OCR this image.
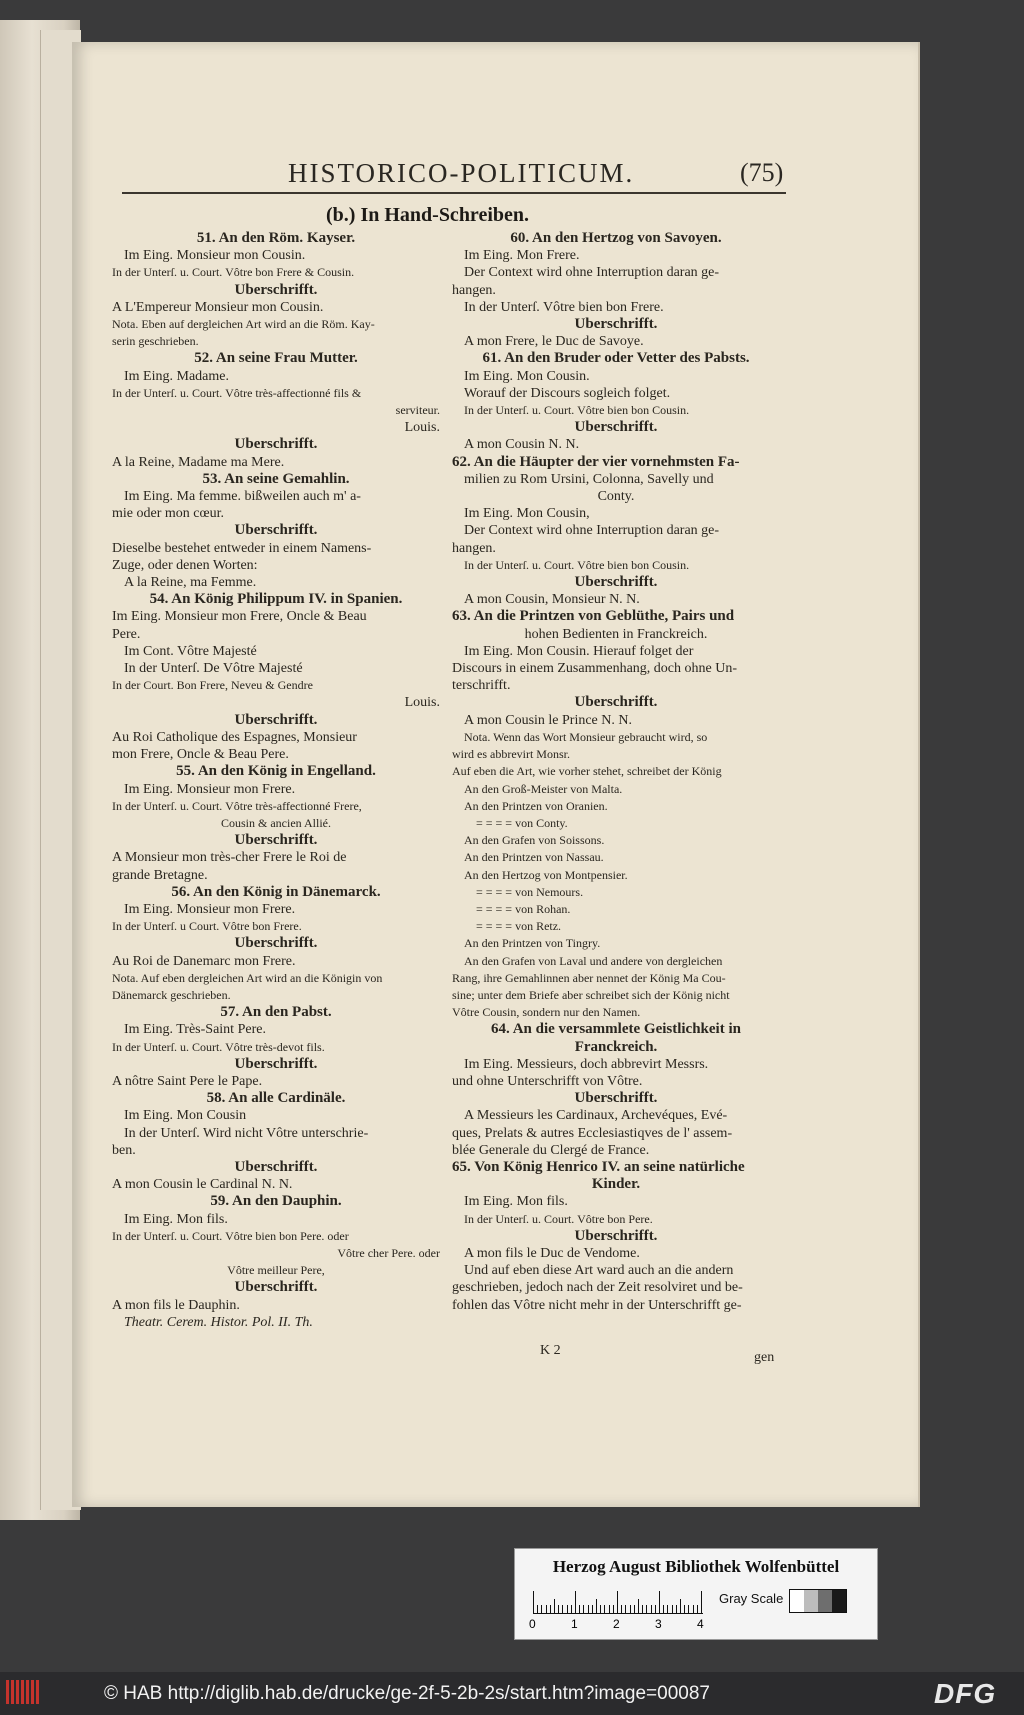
HISTORICO-POLITICUM.	(75)
(b.) In Hand-Schreiben.
51. An den Röm. Kayser.
Im Eing. Monsieur mon Cousin.
In der Unterſ. u. Court. Vôtre bon Frere & Cousin.
Uberschrifft.
A L'Empereur Monsieur mon Cousin.
Nota. Eben auf dergleichen Art wird an die Röm. Kay-
serin geschrieben.
52. An seine Frau Mutter.
Im Eing. Madame.
In der Unterſ. u. Court. Vôtre très-affectionné fils &
serviteur.
Louis.
Uberschrifft.
A la Reine, Madame ma Mere.
53. An seine Gemahlin.
Im Eing. Ma femme. bißweilen auch m' a-
mie oder mon cœur.
Uberschrifft.
Dieselbe bestehet entweder in einem Namens-
Zuge, oder denen Worten:
A la Reine, ma Femme.
54. An König Philippum IV. in Spanien.
Im Eing. Monsieur mon Frere, Oncle & Beau
Pere.
Im Cont. Vôtre Majesté
In der Unterſ. De Vôtre Majesté
In der Court. Bon Frere, Neveu & Gendre
Louis.
Uberschrifft.
Au Roi Catholique des Espagnes, Monsieur
mon Frere, Oncle & Beau Pere.
55. An den König in Engelland.
Im Eing. Monsieur mon Frere.
In der Unterſ. u. Court. Vôtre très-affectionné Frere,
Cousin & ancien Allié.
Uberschrifft.
A Monsieur mon très-cher Frere le Roi de
grande Bretagne.
56. An den König in Dänemarck.
Im Eing. Monsieur mon Frere.
In der Unterſ. u Court. Vôtre bon Frere.
Uberschrifft.
Au Roi de Danemarc mon Frere.
Nota. Auf eben dergleichen Art wird an die Königin von
Dänemarck geschrieben.
57. An den Pabst.
Im Eing. Très-Saint Pere.
In der Unterſ. u. Court. Vôtre très-devot fils.
Uberschrifft.
A nôtre Saint Pere le Pape.
58. An alle Cardinäle.
Im Eing. Mon Cousin
In der Unterſ. Wird nicht Vôtre unterschrie-
ben.
Uberschrifft.
A mon Cousin le Cardinal N. N.
59. An den Dauphin.
Im Eing. Mon fils.
In der Unterſ. u. Court. Vôtre bien bon Pere. oder
Vôtre cher Pere. oder
Vôtre meilleur Pere,
Uberschrifft.
A mon fils le Dauphin.
Theatr. Cerem. Histor. Pol. II. Th.
60. An den Hertzog von Savoyen.
Im Eing. Mon Frere.
Der Context wird ohne Interruption daran ge-
hangen.
In der Unterſ. Vôtre bien bon Frere.
Uberschrifft.
A mon Frere, le Duc de Savoye.
61. An den Bruder oder Vetter des Pabsts.
Im Eing. Mon Cousin.
Worauf der Discours sogleich folget.
In der Unterſ. u. Court. Vôtre bien bon Cousin.
Uberschrifft.
A mon Cousin N. N.
62. An die Häupter der vier vornehmsten Fa-
milien zu Rom Ursini, Colonna, Savelly und
Conty.
Im Eing. Mon Cousin,
Der Context wird ohne Interruption daran ge-
hangen.
In der Unterſ. u. Court. Vôtre bien bon Cousin.
Uberschrifft.
A mon Cousin, Monsieur N. N.
63. An die Printzen von Geblüthe, Pairs und
hohen Bedienten in Franckreich.
Im Eing. Mon Cousin. Hierauf folget der
Discours in einem Zusammenhang, doch ohne Un-
terschrifft.
Uberschrifft.
A mon Cousin le Prince N. N.
Nota. Wenn das Wort Monsieur gebraucht wird, so
wird es abbrevirt Monsr.
Auf eben die Art, wie vorher stehet, schreibet der König
An den Groß-Meister von Malta.
An den Printzen von Oranien.
= = = = von Conty.
An den Grafen von Soissons.
An den Printzen von Nassau.
An den Hertzog von Montpensier.
= = = = von Nemours.
= = = = von Rohan.
= = = = von Retz.
An den Printzen von Tingry.
An den Grafen von Laval und andere von dergleichen
Rang, ihre Gemahlinnen aber nennet der König Ma Cou-
sine; unter dem Briefe aber schreibet sich der König nicht
Vôtre Cousin, sondern nur den Namen.
64. An die versammlete Geistlichkeit in
Franckreich.
Im Eing. Messieurs, doch abbrevirt Messrs.
und ohne Unterschrifft von Vôtre.
Uberschrifft.
A Messieurs les Cardinaux, Archevéques, Evé-
ques, Prelats & autres Ecclesiastiqves de l' assem-
blée Generale du Clergé de France.
65. Von König Henrico IV. an seine natürliche
Kinder.
Im Eing. Mon fils.
In der Unterſ. u. Court. Vôtre bon Pere.
Uberschrifft.
A mon fils le Duc de Vendome.
Und auf eben diese Art ward auch an die andern
geschrieben, jedoch nach der Zeit resolviret und be-
fohlen das Vôtre nicht mehr in der Unterschrifft ge-
K 2	gen
Herzog August Bibliothek Wolfenbüttel
0	1	2	3	4
Gray Scale
© HAB http://diglib.hab.de/drucke/ge-2f-5-2b-2s/start.htm?image=00087	DFG
